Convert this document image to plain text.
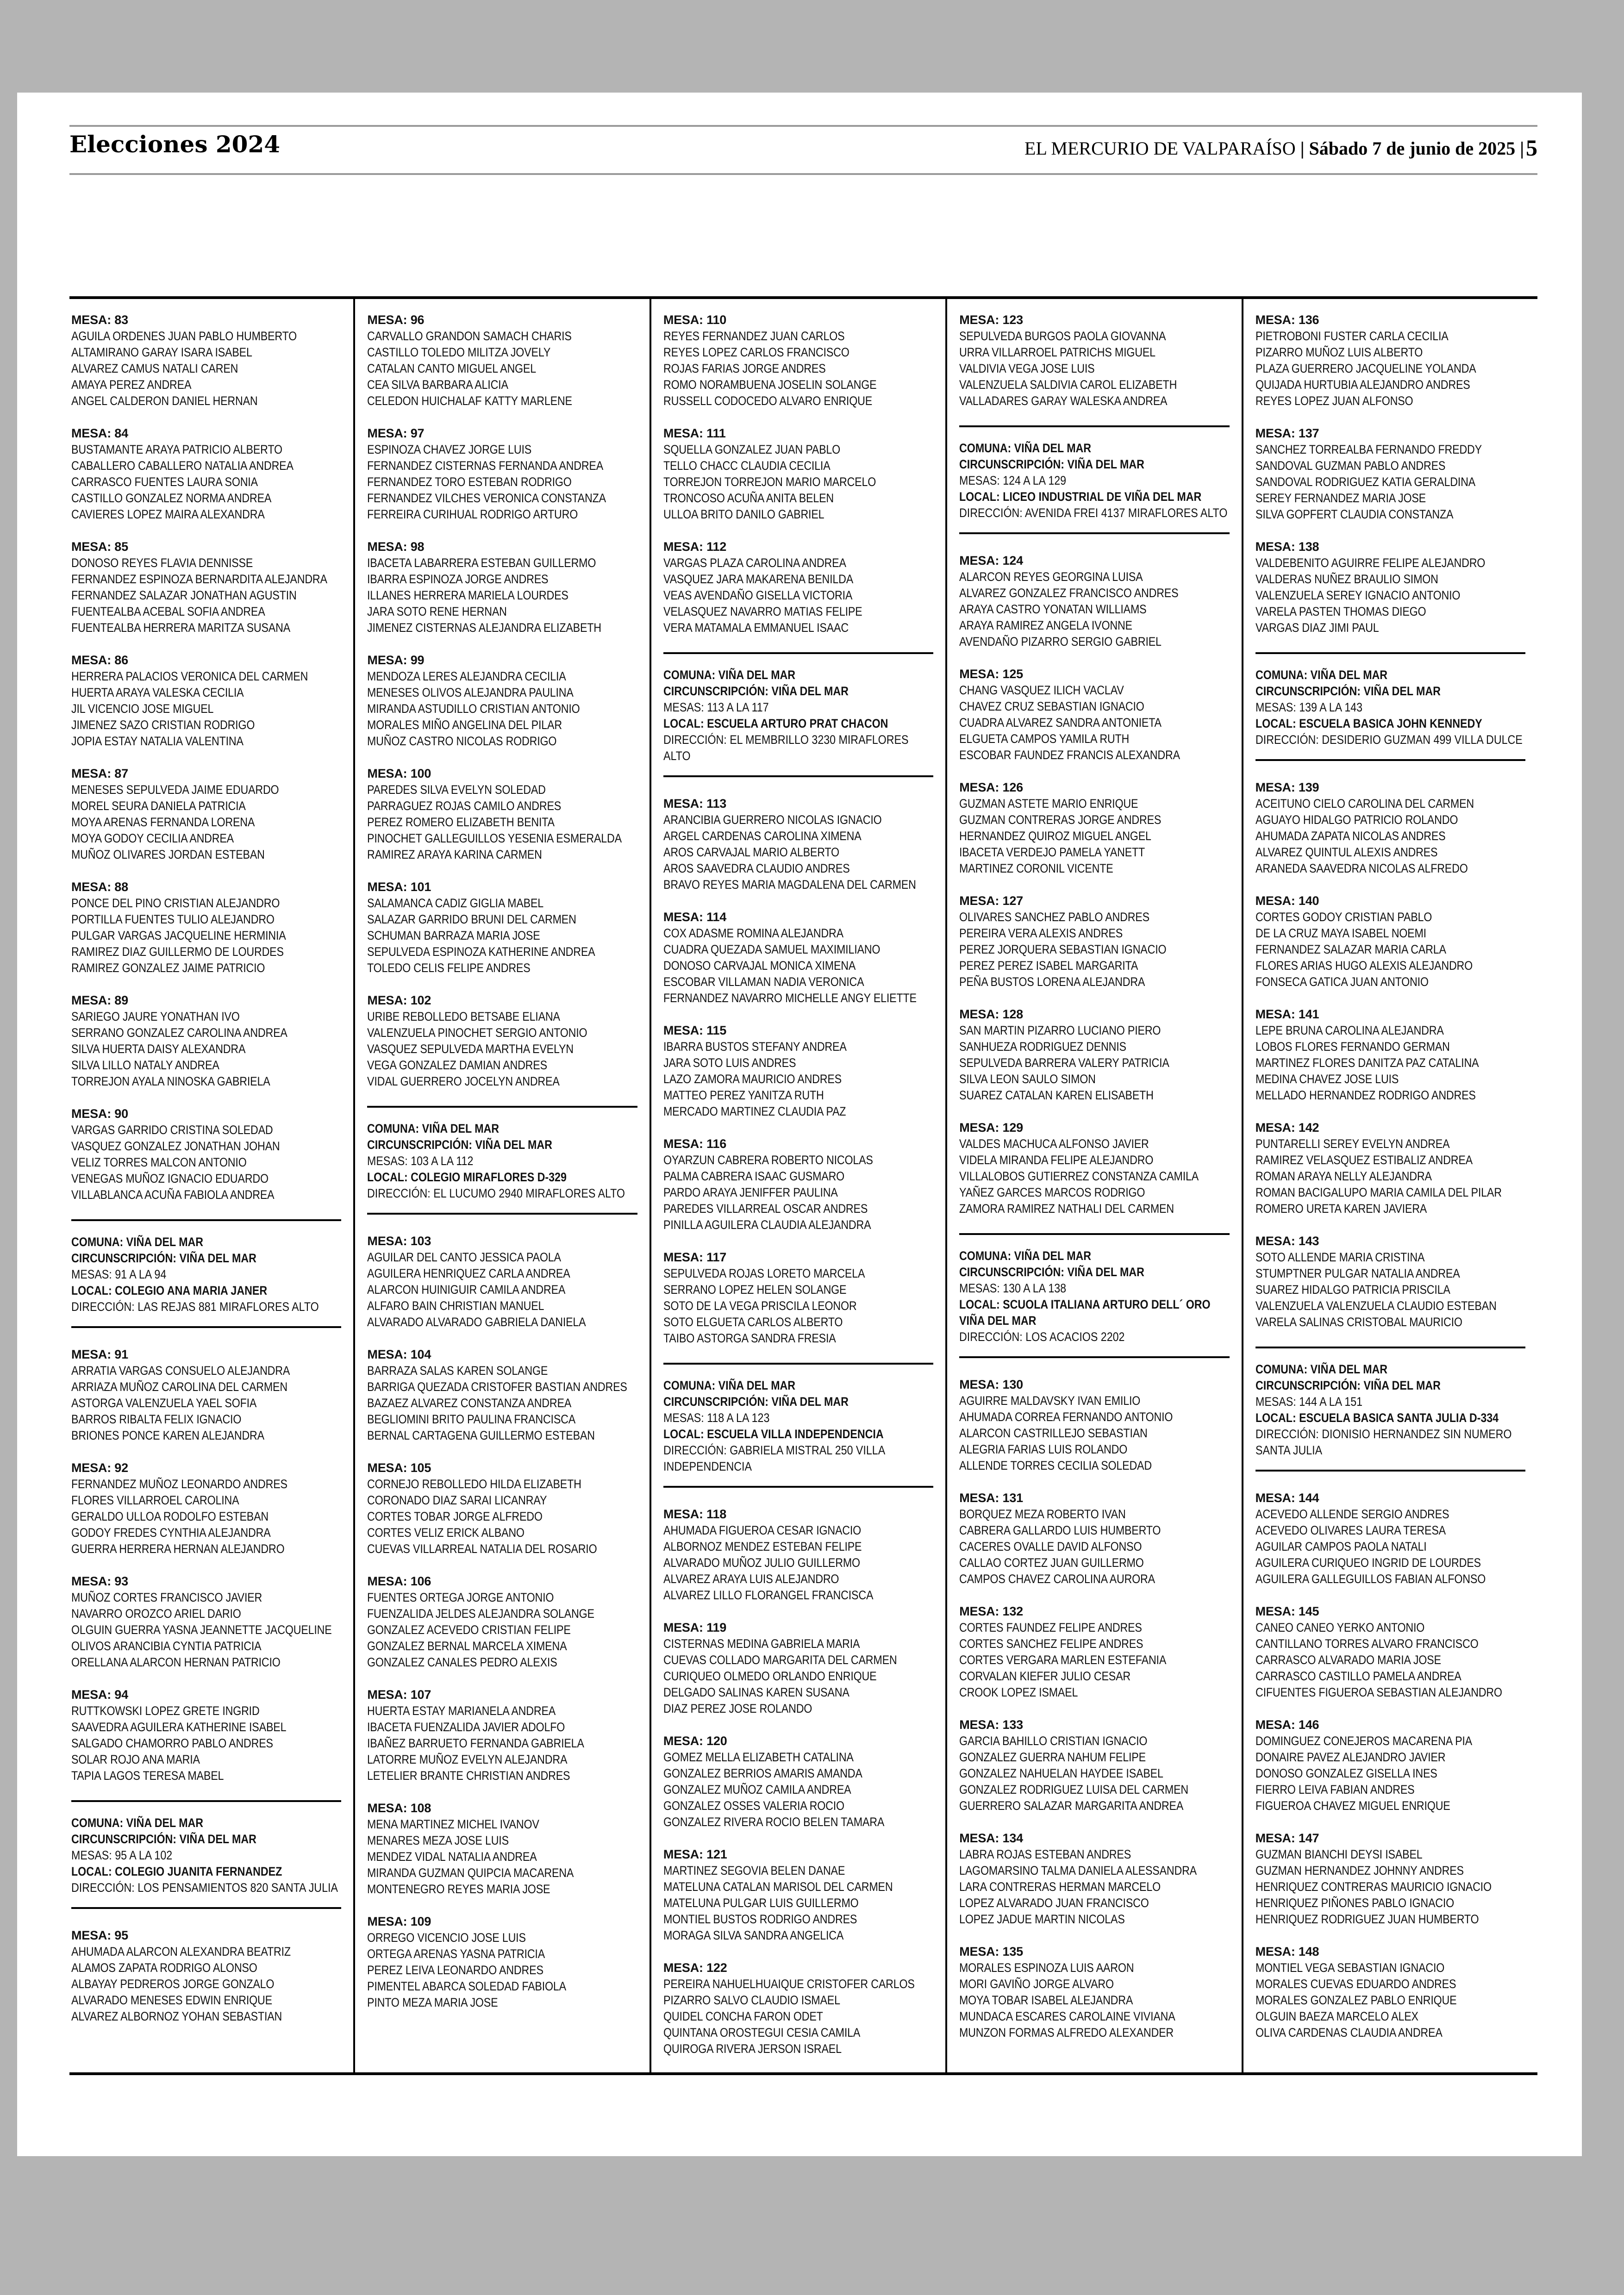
Elecciones 2024	EL MERCURIO DE VALPARAÍSO | Sábado 7 de junio de 2025 |5
MESA: 83
AGUILA ORDENES JUAN PABLO HUMBERTO
ALTAMIRANO GARAY ISARA ISABEL
ALVAREZ CAMUS NATALI CAREN
AMAYA PEREZ ANDREA
ANGEL CALDERON DANIEL HERNAN
MESA: 84
BUSTAMANTE ARAYA PATRICIO ALBERTO
CABALLERO CABALLERO NATALIA ANDREA
CARRASCO FUENTES LAURA SONIA
CASTILLO GONZALEZ NORMA ANDREA
CAVIERES LOPEZ MAIRA ALEXANDRA
MESA: 85
DONOSO REYES FLAVIA DENNISSE
FERNANDEZ ESPINOZA BERNARDITA ALEJANDRA
FERNANDEZ SALAZAR JONATHAN AGUSTIN
FUENTEALBA ACEBAL SOFIA ANDREA
FUENTEALBA HERRERA MARITZA SUSANA
MESA: 86
HERRERA PALACIOS VERONICA DEL CARMEN
HUERTA ARAYA VALESKA CECILIA
JIL VICENCIO JOSE MIGUEL
JIMENEZ SAZO CRISTIAN RODRIGO
JOPIA ESTAY NATALIA VALENTINA
MESA: 87
MENESES SEPULVEDA JAIME EDUARDO
MOREL SEURA DANIELA PATRICIA
MOYA ARENAS FERNANDA LORENA
MOYA GODOY CECILIA ANDREA
MUÑOZ OLIVARES JORDAN ESTEBAN
MESA: 88
PONCE DEL PINO CRISTIAN ALEJANDRO
PORTILLA FUENTES TULIO ALEJANDRO
PULGAR VARGAS JACQUELINE HERMINIA
RAMIREZ DIAZ GUILLERMO DE LOURDES
RAMIREZ GONZALEZ JAIME PATRICIO
MESA: 89
SARIEGO JAURE YONATHAN IVO
SERRANO GONZALEZ CAROLINA ANDREA
SILVA HUERTA DAISY ALEXANDRA
SILVA LILLO NATALY ANDREA
TORREJON AYALA NINOSKA GABRIELA
MESA: 90
VARGAS GARRIDO CRISTINA SOLEDAD
VASQUEZ GONZALEZ JONATHAN JOHAN
VELIZ TORRES MALCON ANTONIO
VENEGAS MUÑOZ IGNACIO EDUARDO
VILLABLANCA ACUÑA FABIOLA ANDREA
COMUNA: VIÑA DEL MAR
CIRCUNSCRIPCIÓN: VIÑA DEL MAR
MESAS: 91 A LA 94
LOCAL: COLEGIO ANA MARIA JANER
DIRECCIÓN: LAS REJAS 881 MIRAFLORES ALTO
MESA: 91
ARRATIA VARGAS CONSUELO ALEJANDRA
ARRIAZA MUÑOZ CAROLINA DEL CARMEN
ASTORGA VALENZUELA YAEL SOFIA
BARROS RIBALTA FELIX IGNACIO
BRIONES PONCE KAREN ALEJANDRA
MESA: 92
FERNANDEZ MUÑOZ LEONARDO ANDRES
FLORES VILLARROEL CAROLINA
GERALDO ULLOA RODOLFO ESTEBAN
GODOY FREDES CYNTHIA ALEJANDRA
GUERRA HERRERA HERNAN ALEJANDRO
MESA: 93
MUÑOZ CORTES FRANCISCO JAVIER
NAVARRO OROZCO ARIEL DARIO
OLGUIN GUERRA YASNA JEANNETTE JACQUELINE
OLIVOS ARANCIBIA CYNTIA PATRICIA
ORELLANA ALARCON HERNAN PATRICIO
MESA: 94
RUTTKOWSKI LOPEZ GRETE INGRID
SAAVEDRA AGUILERA KATHERINE ISABEL
SALGADO CHAMORRO PABLO ANDRES
SOLAR ROJO ANA MARIA
TAPIA LAGOS TERESA MABEL
COMUNA: VIÑA DEL MAR
CIRCUNSCRIPCIÓN: VIÑA DEL MAR
MESAS: 95 A LA 102
LOCAL: COLEGIO JUANITA FERNANDEZ
DIRECCIÓN: LOS PENSAMIENTOS 820 SANTA JULIA
MESA: 95
AHUMADA ALARCON ALEXANDRA BEATRIZ
ALAMOS ZAPATA RODRIGO ALONSO
ALBAYAY PEDREROS JORGE GONZALO
ALVARADO MENESES EDWIN ENRIQUE
ALVAREZ ALBORNOZ YOHAN SEBASTIAN
MESA: 96
CARVALLO GRANDON SAMACH CHARIS
CASTILLO TOLEDO MILITZA JOVELY
CATALAN CANTO MIGUEL ANGEL
CEA SILVA BARBARA ALICIA
CELEDON HUICHALAF KATTY MARLENE
MESA: 97
ESPINOZA CHAVEZ JORGE LUIS
FERNANDEZ CISTERNAS FERNANDA ANDREA
FERNANDEZ TORO ESTEBAN RODRIGO
FERNANDEZ VILCHES VERONICA CONSTANZA
FERREIRA CURIHUAL RODRIGO ARTURO
MESA: 98
IBACETA LABARRERA ESTEBAN GUILLERMO
IBARRA ESPINOZA JORGE ANDRES
ILLANES HERRERA MARIELA LOURDES
JARA SOTO RENE HERNAN
JIMENEZ CISTERNAS ALEJANDRA ELIZABETH
MESA: 99
MENDOZA LERES ALEJANDRA CECILIA
MENESES OLIVOS ALEJANDRA PAULINA
MIRANDA ASTUDILLO CRISTIAN ANTONIO
MORALES MIÑO ANGELINA DEL PILAR
MUÑOZ CASTRO NICOLAS RODRIGO
MESA: 100
PAREDES SILVA EVELYN SOLEDAD
PARRAGUEZ ROJAS CAMILO ANDRES
PEREZ ROMERO ELIZABETH BENITA
PINOCHET GALLEGUILLOS YESENIA ESMERALDA
RAMIREZ ARAYA KARINA CARMEN
MESA: 101
SALAMANCA CADIZ GIGLIA MABEL
SALAZAR GARRIDO BRUNI DEL CARMEN
SCHUMAN BARRAZA MARIA JOSE
SEPULVEDA ESPINOZA KATHERINE ANDREA
TOLEDO CELIS FELIPE ANDRES
MESA: 102
URIBE REBOLLEDO BETSABE ELIANA
VALENZUELA PINOCHET SERGIO ANTONIO
VASQUEZ SEPULVEDA MARTHA EVELYN
VEGA GONZALEZ DAMIAN ANDRES
VIDAL GUERRERO JOCELYN ANDREA
COMUNA: VIÑA DEL MAR
CIRCUNSCRIPCIÓN: VIÑA DEL MAR
MESAS: 103 A LA 112
LOCAL: COLEGIO MIRAFLORES D-329
DIRECCIÓN: EL LUCUMO 2940 MIRAFLORES ALTO
MESA: 103
AGUILAR DEL CANTO JESSICA PAOLA
AGUILERA HENRIQUEZ CARLA ANDREA
ALARCON HUINIGUIR CAMILA ANDREA
ALFARO BAIN CHRISTIAN MANUEL
ALVARADO ALVARADO GABRIELA DANIELA
MESA: 104
BARRAZA SALAS KAREN SOLANGE
BARRIGA QUEZADA CRISTOFER BASTIAN ANDRES
BAZAEZ ALVAREZ CONSTANZA ANDREA
BEGLIOMINI BRITO PAULINA FRANCISCA
BERNAL CARTAGENA GUILLERMO ESTEBAN
MESA: 105
CORNEJO REBOLLEDO HILDA ELIZABETH
CORONADO DIAZ SARAI LICANRAY
CORTES TOBAR JORGE ALFREDO
CORTES VELIZ ERICK ALBANO
CUEVAS VILLARREAL NATALIA DEL ROSARIO
MESA: 106
FUENTES ORTEGA JORGE ANTONIO
FUENZALIDA JELDES ALEJANDRA SOLANGE
GONZALEZ ACEVEDO CRISTIAN FELIPE
GONZALEZ BERNAL MARCELA XIMENA
GONZALEZ CANALES PEDRO ALEXIS
MESA: 107
HUERTA ESTAY MARIANELA ANDREA
IBACETA FUENZALIDA JAVIER ADOLFO
IBAÑEZ BARRUETO FERNANDA GABRIELA
LATORRE MUÑOZ EVELYN ALEJANDRA
LETELIER BRANTE CHRISTIAN ANDRES
MESA: 108
MENA MARTINEZ MICHEL IVANOV
MENARES MEZA JOSE LUIS
MENDEZ VIDAL NATALIA ANDREA
MIRANDA GUZMAN QUIPCIA MACARENA
MONTENEGRO REYES MARIA JOSE
MESA: 109
ORREGO VICENCIO JOSE LUIS
ORTEGA ARENAS YASNA PATRICIA
PEREZ LEIVA LEONARDO ANDRES
PIMENTEL ABARCA SOLEDAD FABIOLA
PINTO MEZA MARIA JOSE
MESA: 110
REYES FERNANDEZ JUAN CARLOS
REYES LOPEZ CARLOS FRANCISCO
ROJAS FARIAS JORGE ANDRES
ROMO NORAMBUENA JOSELIN SOLANGE
RUSSELL CODOCEDO ALVARO ENRIQUE
MESA: 111
SQUELLA GONZALEZ JUAN PABLO
TELLO CHACC CLAUDIA CECILIA
TORREJON TORREJON MARIO MARCELO
TRONCOSO ACUÑA ANITA BELEN
ULLOA BRITO DANILO GABRIEL
MESA: 112
VARGAS PLAZA CAROLINA ANDREA
VASQUEZ JARA MAKARENA BENILDA
VEAS AVENDAÑO GISELLA VICTORIA
VELASQUEZ NAVARRO MATIAS FELIPE
VERA MATAMALA EMMANUEL ISAAC
COMUNA: VIÑA DEL MAR
CIRCUNSCRIPCIÓN: VIÑA DEL MAR
MESAS: 113 A LA 117
LOCAL: ESCUELA ARTURO PRAT CHACON
DIRECCIÓN: EL MEMBRILLO 3230 MIRAFLORES ALTO
MESA: 113
ARANCIBIA GUERRERO NICOLAS IGNACIO
ARGEL CARDENAS CAROLINA XIMENA
AROS CARVAJAL MARIO ALBERTO
AROS SAAVEDRA CLAUDIO ANDRES
BRAVO REYES MARIA MAGDALENA DEL CARMEN
MESA: 114
COX ADASME ROMINA ALEJANDRA
CUADRA QUEZADA SAMUEL MAXIMILIANO
DONOSO CARVAJAL MONICA XIMENA
ESCOBAR VILLAMAN NADIA VERONICA
FERNANDEZ NAVARRO MICHELLE ANGY ELIETTE
MESA: 115
IBARRA BUSTOS STEFANY ANDREA
JARA SOTO LUIS ANDRES
LAZO ZAMORA MAURICIO ANDRES
MATTEO PEREZ YANITZA RUTH
MERCADO MARTINEZ CLAUDIA PAZ
MESA: 116
OYARZUN CABRERA ROBERTO NICOLAS
PALMA CABRERA ISAAC GUSMARO
PARDO ARAYA JENIFFER PAULINA
PAREDES VILLARREAL OSCAR ANDRES
PINILLA AGUILERA CLAUDIA ALEJANDRA
MESA: 117
SEPULVEDA ROJAS LORETO MARCELA
SERRANO LOPEZ HELEN SOLANGE
SOTO DE LA VEGA PRISCILA LEONOR
SOTO ELGUETA CARLOS ALBERTO
TAIBO ASTORGA SANDRA FRESIA
COMUNA: VIÑA DEL MAR
CIRCUNSCRIPCIÓN: VIÑA DEL MAR
MESAS: 118 A LA 123
LOCAL: ESCUELA VILLA INDEPENDENCIA
DIRECCIÓN: GABRIELA MISTRAL 250 VILLA INDEPENDENCIA
MESA: 118
AHUMADA FIGUEROA CESAR IGNACIO
ALBORNOZ MENDEZ ESTEBAN FELIPE
ALVARADO MUÑOZ JULIO GUILLERMO
ALVAREZ ARAYA LUIS ALEJANDRO
ALVAREZ LILLO FLORANGEL FRANCISCA
MESA: 119
CISTERNAS MEDINA GABRIELA MARIA
CUEVAS COLLADO MARGARITA DEL CARMEN
CURIQUEO OLMEDO ORLANDO ENRIQUE
DELGADO SALINAS KAREN SUSANA
DIAZ PEREZ JOSE ROLANDO
MESA: 120
GOMEZ MELLA ELIZABETH CATALINA
GONZALEZ BERRIOS AMARIS AMANDA
GONZALEZ MUÑOZ CAMILA ANDREA
GONZALEZ OSSES VALERIA ROCIO
GONZALEZ RIVERA ROCIO BELEN TAMARA
MESA: 121
MARTINEZ SEGOVIA BELEN DANAE
MATELUNA CATALAN MARISOL DEL CARMEN
MATELUNA PULGAR LUIS GUILLERMO
MONTIEL BUSTOS RODRIGO ANDRES
MORAGA SILVA SANDRA ANGELICA
MESA: 122
PEREIRA NAHUELHUAIQUE CRISTOFER CARLOS
PIZARRO SALVO CLAUDIO ISMAEL
QUIDEL CONCHA FARON ODET
QUINTANA OROSTEGUI CESIA CAMILA
QUIROGA RIVERA JERSON ISRAEL
MESA: 123
SEPULVEDA BURGOS PAOLA GIOVANNA
URRA VILLARROEL PATRICHS MIGUEL
VALDIVIA VEGA JOSE LUIS
VALENZUELA SALDIVIA CAROL ELIZABETH
VALLADARES GARAY WALESKA ANDREA
COMUNA: VIÑA DEL MAR
CIRCUNSCRIPCIÓN: VIÑA DEL MAR
MESAS: 124 A LA 129
LOCAL: LICEO INDUSTRIAL DE VIÑA DEL MAR
DIRECCIÓN: AVENIDA FREI 4137 MIRAFLORES ALTO
MESA: 124
ALARCON REYES GEORGINA LUISA
ALVAREZ GONZALEZ FRANCISCO ANDRES
ARAYA CASTRO YONATAN WILLIAMS
ARAYA RAMIREZ ANGELA IVONNE
AVENDAÑO PIZARRO SERGIO GABRIEL
MESA: 125
CHANG VASQUEZ ILICH VACLAV
CHAVEZ CRUZ SEBASTIAN IGNACIO
CUADRA ALVAREZ SANDRA ANTONIETA
ELGUETA CAMPOS YAMILA RUTH
ESCOBAR FAUNDEZ FRANCIS ALEXANDRA
MESA: 126
GUZMAN ASTETE MARIO ENRIQUE
GUZMAN CONTRERAS JORGE ANDRES
HERNANDEZ QUIROZ MIGUEL ANGEL
IBACETA VERDEJO PAMELA YANETT
MARTINEZ CORONIL VICENTE
MESA: 127
OLIVARES SANCHEZ PABLO ANDRES
PEREIRA VERA ALEXIS ANDRES
PEREZ JORQUERA SEBASTIAN IGNACIO
PEREZ PEREZ ISABEL MARGARITA
PEÑA BUSTOS LORENA ALEJANDRA
MESA: 128
SAN MARTIN PIZARRO LUCIANO PIERO
SANHUEZA RODRIGUEZ DENNIS
SEPULVEDA BARRERA VALERY PATRICIA
SILVA LEON SAULO SIMON
SUAREZ CATALAN KAREN ELISABETH
MESA: 129
VALDES MACHUCA ALFONSO JAVIER
VIDELA MIRANDA FELIPE ALEJANDRO
VILLALOBOS GUTIERREZ CONSTANZA CAMILA
YAÑEZ GARCES MARCOS RODRIGO
ZAMORA RAMIREZ NATHALI DEL CARMEN
COMUNA: VIÑA DEL MAR
CIRCUNSCRIPCIÓN: VIÑA DEL MAR
MESAS: 130 A LA 138
LOCAL: SCUOLA ITALIANA ARTURO DELL´ ORO VIÑA DEL MAR
DIRECCIÓN: LOS ACACIOS 2202
MESA: 130
AGUIRRE MALDAVSKY IVAN EMILIO
AHUMADA CORREA FERNANDO ANTONIO
ALARCON CASTRILLEJO SEBASTIAN
ALEGRIA FARIAS LUIS ROLANDO
ALLENDE TORRES CECILIA SOLEDAD
MESA: 131
BORQUEZ MEZA ROBERTO IVAN
CABRERA GALLARDO LUIS HUMBERTO
CACERES OVALLE DAVID ALFONSO
CALLAO CORTEZ JUAN GUILLERMO
CAMPOS CHAVEZ CAROLINA AURORA
MESA: 132
CORTES FAUNDEZ FELIPE ANDRES
CORTES SANCHEZ FELIPE ANDRES
CORTES VERGARA MARLEN ESTEFANIA
CORVALAN KIEFER JULIO CESAR
CROOK LOPEZ ISMAEL
MESA: 133
GARCIA BAHILLO CRISTIAN IGNACIO
GONZALEZ GUERRA NAHUM FELIPE
GONZALEZ NAHUELAN HAYDEE ISABEL
GONZALEZ RODRIGUEZ LUISA DEL CARMEN
GUERRERO SALAZAR MARGARITA ANDREA
MESA: 134
LABRA ROJAS ESTEBAN ANDRES
LAGOMARSINO TALMA DANIELA ALESSANDRA
LARA CONTRERAS HERMAN MARCELO
LOPEZ ALVARADO JUAN FRANCISCO
LOPEZ JADUE MARTIN NICOLAS
MESA: 135
MORALES ESPINOZA LUIS AARON
MORI GAVIÑO JORGE ALVARO
MOYA TOBAR ISABEL ALEJANDRA
MUNDACA ESCARES CAROLAINE VIVIANA
MUNZON FORMAS ALFREDO ALEXANDER
MESA: 136
PIETROBONI FUSTER CARLA CECILIA
PIZARRO MUÑOZ LUIS ALBERTO
PLAZA GUERRERO JACQUELINE YOLANDA
QUIJADA HURTUBIA ALEJANDRO ANDRES
REYES LOPEZ JUAN ALFONSO
MESA: 137
SANCHEZ TORREALBA FERNANDO FREDDY
SANDOVAL GUZMAN PABLO ANDRES
SANDOVAL RODRIGUEZ KATIA GERALDINA
SEREY FERNANDEZ MARIA JOSE
SILVA GOPFERT CLAUDIA CONSTANZA
MESA: 138
VALDEBENITO AGUIRRE FELIPE ALEJANDRO
VALDERAS NUÑEZ BRAULIO SIMON
VALENZUELA SEREY IGNACIO ANTONIO
VARELA PASTEN THOMAS DIEGO
VARGAS DIAZ JIMI PAUL
COMUNA: VIÑA DEL MAR
CIRCUNSCRIPCIÓN: VIÑA DEL MAR
MESAS: 139 A LA 143
LOCAL: ESCUELA BASICA JOHN KENNEDY
DIRECCIÓN: DESIDERIO GUZMAN 499 VILLA DULCE
MESA: 139
ACEITUNO CIELO CAROLINA DEL CARMEN
AGUAYO HIDALGO PATRICIO ROLANDO
AHUMADA ZAPATA NICOLAS ANDRES
ALVAREZ QUINTUL ALEXIS ANDRES
ARANEDA SAAVEDRA NICOLAS ALFREDO
MESA: 140
CORTES GODOY CRISTIAN PABLO
DE LA CRUZ MAYA ISABEL NOEMI
FERNANDEZ SALAZAR MARIA CARLA
FLORES ARIAS HUGO ALEXIS ALEJANDRO
FONSECA GATICA JUAN ANTONIO
MESA: 141
LEPE BRUNA CAROLINA ALEJANDRA
LOBOS FLORES FERNANDO GERMAN
MARTINEZ FLORES DANITZA PAZ CATALINA
MEDINA CHAVEZ JOSE LUIS
MELLADO HERNANDEZ RODRIGO ANDRES
MESA: 142
PUNTARELLI SEREY EVELYN ANDREA
RAMIREZ VELASQUEZ ESTIBALIZ ANDREA
ROMAN ARAYA NELLY ALEJANDRA
ROMAN BACIGALUPO MARIA CAMILA DEL PILAR
ROMERO URETA KAREN JAVIERA
MESA: 143
SOTO ALLENDE MARIA CRISTINA
STUMPTNER PULGAR NATALIA ANDREA
SUAREZ HIDALGO PATRICIA PRISCILA
VALENZUELA VALENZUELA CLAUDIO ESTEBAN
VARELA SALINAS CRISTOBAL MAURICIO
COMUNA: VIÑA DEL MAR
CIRCUNSCRIPCIÓN: VIÑA DEL MAR
MESAS: 144 A LA 151
LOCAL: ESCUELA BASICA SANTA JULIA D-334
DIRECCIÓN: DIONISIO HERNANDEZ SIN NUMERO SANTA JULIA
MESA: 144
ACEVEDO ALLENDE SERGIO ANDRES
ACEVEDO OLIVARES LAURA TERESA
AGUILAR CAMPOS PAOLA NATALI
AGUILERA CURIQUEO INGRID DE LOURDES
AGUILERA GALLEGUILLOS FABIAN ALFONSO
MESA: 145
CANEO CANEO YERKO ANTONIO
CANTILLANO TORRES ALVARO FRANCISCO
CARRASCO ALVARADO MARIA JOSE
CARRASCO CASTILLO PAMELA ANDREA
CIFUENTES FIGUEROA SEBASTIAN ALEJANDRO
MESA: 146
DOMINGUEZ CONEJEROS MACARENA PIA
DONAIRE PAVEZ ALEJANDRO JAVIER
DONOSO GONZALEZ GISELLA INES
FIERRO LEIVA FABIAN ANDRES
FIGUEROA CHAVEZ MIGUEL ENRIQUE
MESA: 147
GUZMAN BIANCHI DEYSI ISABEL
GUZMAN HERNANDEZ JOHNNY ANDRES
HENRIQUEZ CONTRERAS MAURICIO IGNACIO
HENRIQUEZ PIÑONES PABLO IGNACIO
HENRIQUEZ RODRIGUEZ JUAN HUMBERTO
MESA: 148
MONTIEL VEGA SEBASTIAN IGNACIO
MORALES CUEVAS EDUARDO ANDRES
MORALES GONZALEZ PABLO ENRIQUE
OLGUIN BAEZA MARCELO ALEX
OLIVA CARDENAS CLAUDIA ANDREA
